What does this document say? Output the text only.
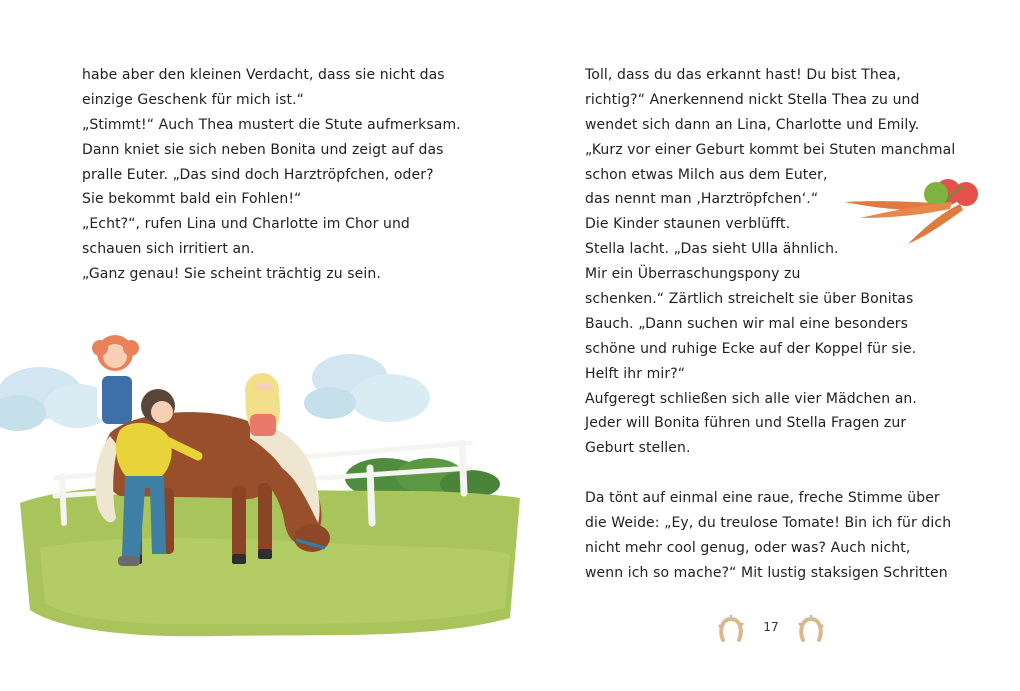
habe aber den kleinen Verdacht, dass sie nicht das
einzige Geschenk für mich ist.“
„Stimmt!“ Auch Thea mustert die Stute aufmerksam.
Dann kniet sie sich neben Bonita und zeigt auf das
pralle Euter. „Das sind doch Harztröpfchen, oder?
Sie bekommt bald ein Fohlen!“
„Echt?“, rufen Lina und Charlotte im Chor und
schauen sich irritiert an.
„Ganz genau! Sie scheint trächtig zu sein.
Toll, dass du das erkannt hast! Du bist Thea,
richtig?“ Anerkennend nickt Stella Thea zu und
wendet sich dann an Lina, Charlotte und Emily.
„Kurz vor einer Geburt kommt bei Stuten manchmal
schon etwas Milch aus dem Euter,
das nennt man ‚Harztröpfchen‘.“
Die Kinder staunen verblüfft.
Stella lacht. „Das sieht Ulla ähnlich.
Mir ein Überraschungspony zu
schenken.“ Zärtlich streichelt sie über Bonitas
Bauch. „Dann suchen wir mal eine besonders
schöne und ruhige Ecke auf der Koppel für sie.
Helft ihr mir?“
Aufgeregt schließen sich alle vier Mädchen an.
Jeder will Bonita führen und Stella Fragen zur
Geburt stellen.
Da tönt auf einmal eine raue, freche Stimme über
die Weide: „Ey, du treulose Tomate! Bin ich für dich
nicht mehr cool genug, oder was? Auch nicht,
wenn ich so mache?“ Mit lustig staksigen Schritten
17
